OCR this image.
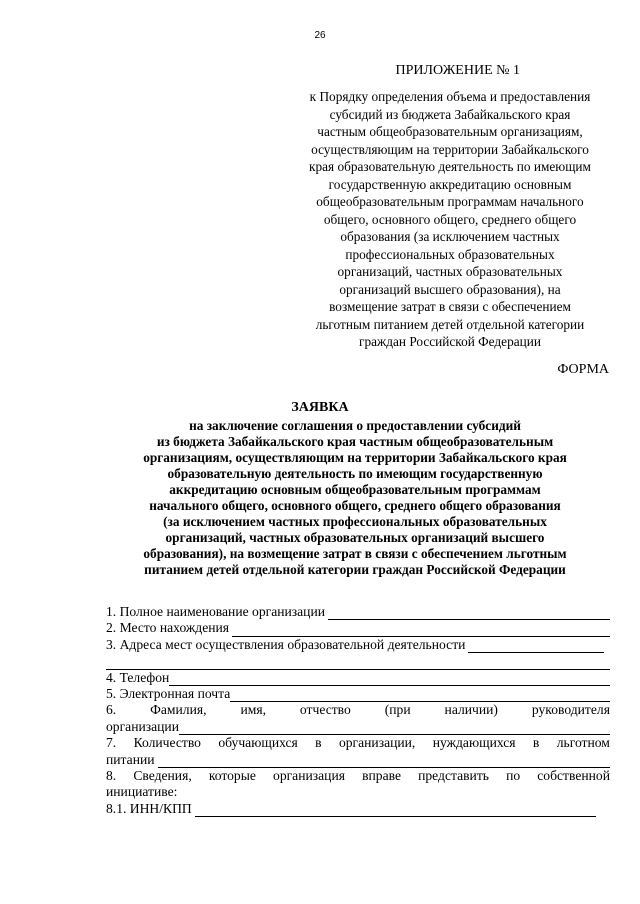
26
ПРИЛОЖЕНИЕ № 1
к Порядку определения объема и предоставления
субсидий из бюджета Забайкальского края
частным общеобразовательным организациям,
осуществляющим на территории Забайкальского
края образовательную деятельность по имеющим
государственную аккредитацию основным
общеобразовательным программам начального
общего, основного общего, среднего общего
образования (за исключением частных
профессиональных образовательных
организаций, частных образовательных
организаций высшего образования), на
возмещение затрат в связи с обеспечением
льготным питанием детей отдельной категории
граждан Российской Федерации
ФОРМА
ЗАЯВКА
на заключение соглашения о предоставлении субсидий
из бюджета Забайкальского края частным общеобразовательным
организациям, осуществляющим на территории Забайкальского края
образовательную деятельность по имеющим государственную
аккредитацию основным общеобразовательным программам
начального общего, основного общего, среднего общего образования
(за исключением частных профессиональных образовательных
организаций, частных образовательных организаций высшего
образования), на возмещение затрат в связи с обеспечением льготным
питанием детей отдельной категории граждан Российской Федерации
1. Полное наименование организации
2. Место нахождения
3. Адреса мест осуществления образовательной деятельности
4. Телефон
5. Электронная почта
6. Фамилия, имя, отчество (при наличии) руководителя
организации
7. Количество обучающихся в организации, нуждающихся в льготном
питании
8. Сведения, которые организация вправе представить по собственной
инициативе:
8.1. ИНН/КПП
